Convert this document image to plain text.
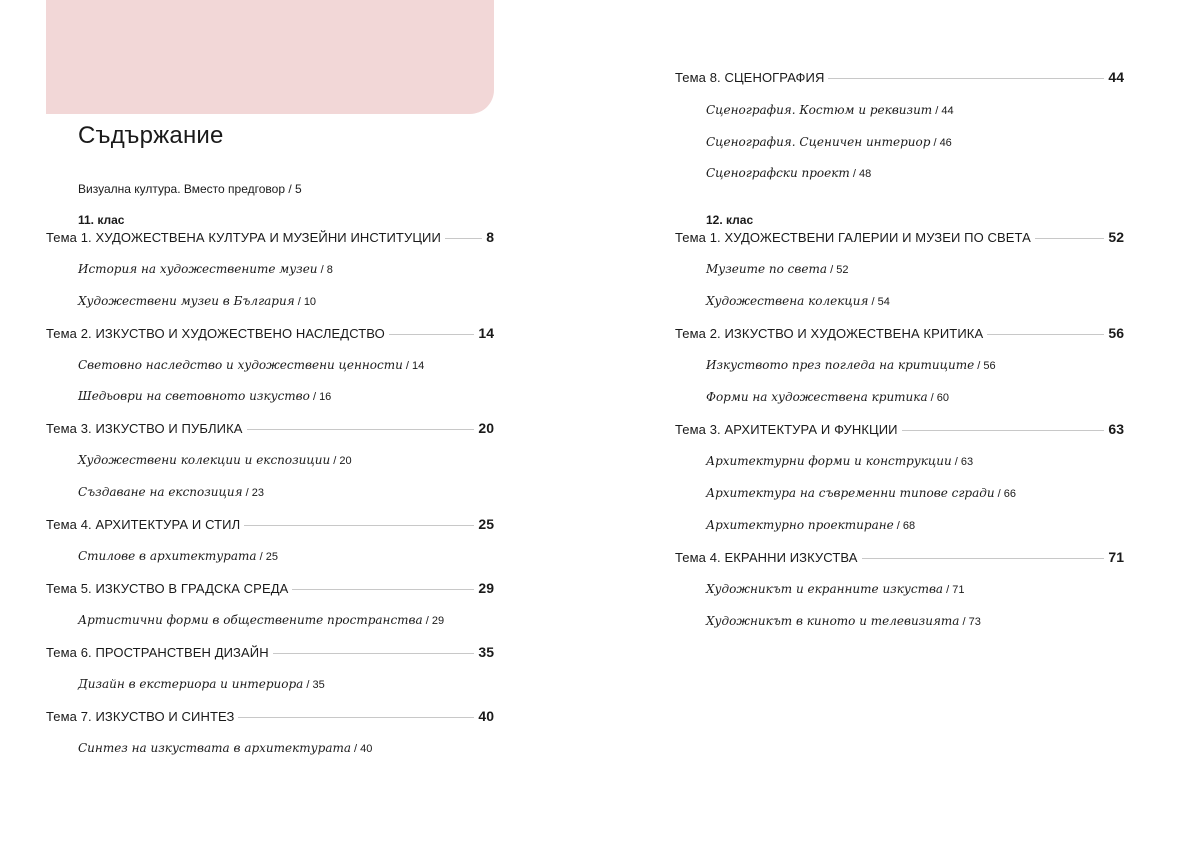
Съдържание
Визуална култура. Вместо предговор / 5
11. клас	12. клас
Тема 1. ХУДОЖЕСТВЕНА КУЛТУРА И МУЗЕЙНИ ИНСТИТУЦИИ	8
История на художествените музеи / 8
Художествени музеи в България / 10
Тема 2. ИЗКУСТВО И ХУДОЖЕСТВЕНО НАСЛЕДСТВО	14
Световно наследство и художествени ценности / 14
Шедьоври на световното изкуство / 16
Тема 3. ИЗКУСТВО И ПУБЛИКА	20
Художествени колекции и експозиции / 20
Създаване на експозиция / 23
Тема 4. АРХИТЕКТУРА И СТИЛ	25
Стилове в архитектурата / 25
Тема 5. ИЗКУСТВО В ГРАДСКА СРЕДА	29
Артистични форми в обществените пространства / 29
Тема 6. ПРОСТРАНСТВЕН ДИЗАЙН	35
Дизайн в екстериора и интериора / 35
Тема 7. ИЗКУСТВО И СИНТЕЗ	40
Синтез на изкуствата в архитектурата / 40
Тема 8. СЦЕНОГРАФИЯ	44
Сценография. Костюм и реквизит / 44
Сценография. Сценичен интериор / 46
Сценографски проект / 48
Тема 1. ХУДОЖЕСТВЕНИ ГАЛЕРИИ И МУЗЕИ ПО СВЕТА	52
Музеите по света / 52
Художествена колекция / 54
Тема 2. ИЗКУСТВО И ХУДОЖЕСТВЕНА КРИТИКА	56
Изкуството през погледа на критиците / 56
Форми на художествена критика / 60
Тема 3. АРХИТЕКТУРА И ФУНКЦИИ	63
Архитектурни форми и конструкции / 63
Архитектура на съвременни типове сгради / 66
Архитектурно проектиране / 68
Тема 4. ЕКРАННИ ИЗКУСТВА	71
Художникът и екранните изкуства / 71
Художникът в киното и телевизията / 73
